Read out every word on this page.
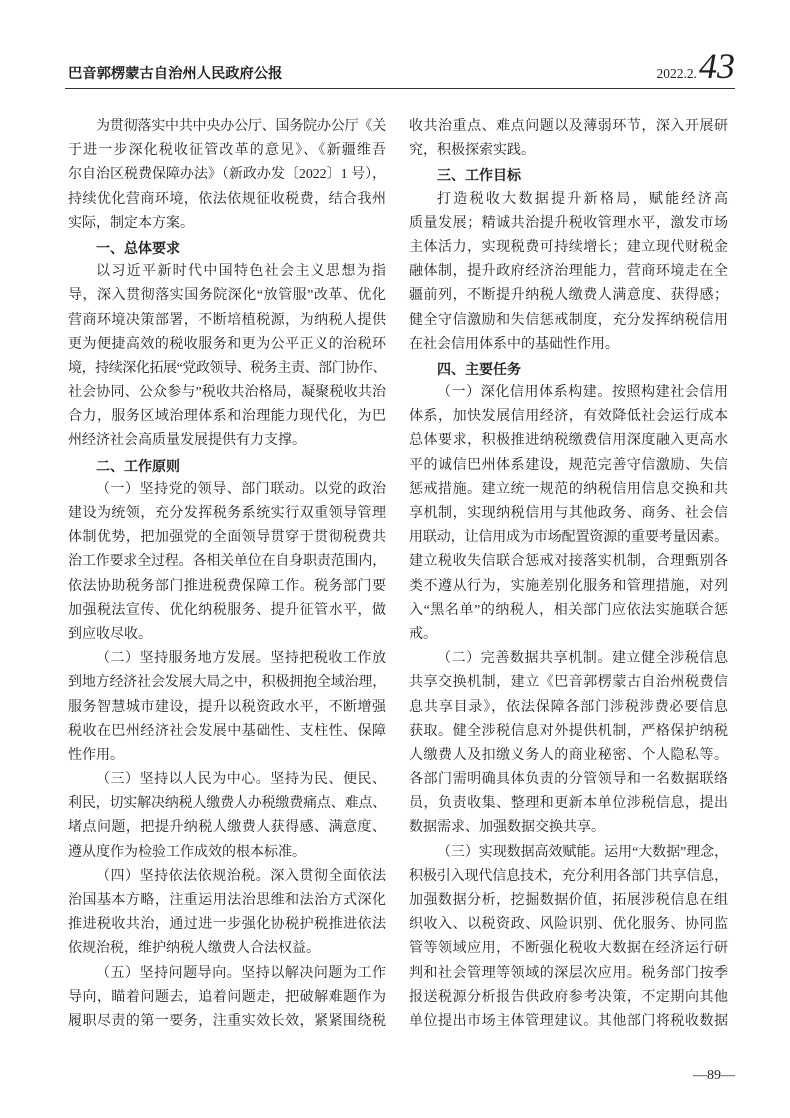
巴音郭楞蒙古自治州人民政府公报	2022.2. 43
为贯彻落实中共中央办公厅、国务院办公厅《关
于进一步深化税收征管改革的意见》、《新疆维吾
尔自治区税费保障办法》（新政办发〔2022〕1 号），
持续优化营商环境，依法依规征收税费，结合我州
实际，制定本方案。
一、总体要求
以习近平新时代中国特色社会主义思想为指
导，深入贯彻落实国务院深化“放管服”改革、优化
营商环境决策部署，不断培植税源，为纳税人提供
更为便捷高效的税收服务和更为公平正义的治税环
境，持续深化拓展“党政领导、税务主责、部门协作、
社会协同、公众参与”税收共治格局，凝聚税收共治
合力，服务区域治理体系和治理能力现代化，为巴
州经济社会高质量发展提供有力支撑。
二、工作原则
（一）坚持党的领导、部门联动。以党的政治
建设为统领，充分发挥税务系统实行双重领导管理
体制优势，把加强党的全面领导贯穿于贯彻税费共
治工作要求全过程。各相关单位在自身职责范围内，
依法协助税务部门推进税费保障工作。税务部门要
加强税法宣传、优化纳税服务、提升征管水平，做
到应收尽收。
（二）坚持服务地方发展。坚持把税收工作放
到地方经济社会发展大局之中，积极拥抱全域治理，
服务智慧城市建设，提升以税资政水平，不断增强
税收在巴州经济社会发展中基础性、支柱性、保障
性作用。
（三）坚持以人民为中心。坚持为民、便民、
利民，切实解决纳税人缴费人办税缴费痛点、难点、
堵点问题，把提升纳税人缴费人获得感、满意度、
遵从度作为检验工作成效的根本标准。
（四）坚持依法依规治税。深入贯彻全面依法
治国基本方略，注重运用法治思维和法治方式深化
推进税收共治，通过进一步强化协税护税推进依法
依规治税，维护纳税人缴费人合法权益。
（五）坚持问题导向。坚持以解决问题为工作
导向，瞄着问题去，追着问题走，把破解难题作为
履职尽责的第一要务，注重实效长效，紧紧围绕税
收共治重点、难点问题以及薄弱环节，深入开展研
究，积极探索实践。
三、工作目标
打造税收大数据提升新格局，赋能经济高
质量发展；精诚共治提升税收管理水平，激发市场
主体活力，实现税费可持续增长；建立现代财税金
融体制，提升政府经济治理能力，营商环境走在全
疆前列，不断提升纳税人缴费人满意度、获得感；
健全守信激励和失信惩戒制度，充分发挥纳税信用
在社会信用体系中的基础性作用。
四、主要任务
（一）深化信用体系构建。按照构建社会信用
体系，加快发展信用经济，有效降低社会运行成本
总体要求，积极推进纳税缴费信用深度融入更高水
平的诚信巴州体系建设，规范完善守信激励、失信
惩戒措施。建立统一规范的纳税信用信息交换和共
享机制，实现纳税信用与其他政务、商务、社会信
用联动，让信用成为市场配置资源的重要考量因素。
建立税收失信联合惩戒对接落实机制，合理甄别各
类不遵从行为，实施差别化服务和管理措施，对列
入“黑名单”的纳税人，相关部门应依法实施联合惩
戒。
（二）完善数据共享机制。建立健全涉税信息
共享交换机制，建立《巴音郭楞蒙古自治州税费信
息共享目录》，依法保障各部门涉税涉费必要信息
获取。健全涉税信息对外提供机制，严格保护纳税
人缴费人及扣缴义务人的商业秘密、个人隐私等。
各部门需明确具体负责的分管领导和一名数据联络
员，负责收集、整理和更新本单位涉税信息，提出
数据需求、加强数据交换共享。
（三）实现数据高效赋能。运用“大数据”理念，
积极引入现代信息技术，充分利用各部门共享信息，
加强数据分析，挖掘数据价值，拓展涉税信息在组
织收入、以税资政、风险识别、优化服务、协同监
管等领域应用，不断强化税收大数据在经济运行研
判和社会管理等领域的深层次应用。税务部门按季
报送税源分析报告供政府参考决策，不定期向其他
单位提出市场主体管理建议。其他部门将税收数据
—89—
